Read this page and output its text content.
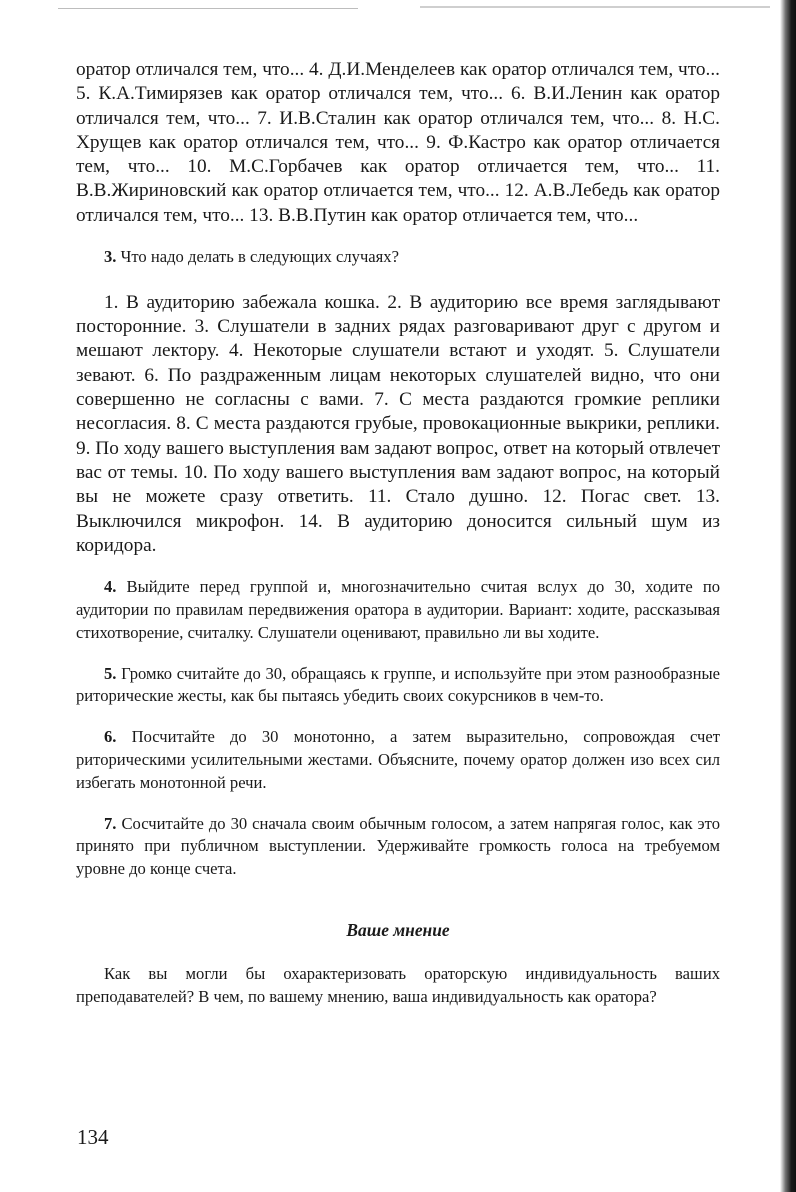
оратор отличался тем, что... 4. Д.И.Менделеев как оратор отличался тем, что... 5. К.А.Тимирязев как оратор отличался тем, что... 6. В.И.Ленин как оратор отличался тем, что... 7. И.В.Сталин как оратор отличался тем, что... 8. Н.С. Хрущев как оратор отличался тем, что... 9. Ф.Кастро как оратор отличается тем, что... 10. М.С.Горбачев как оратор отличается тем, что... 11. В.В.Жириновский как оратор отличается тем, что... 12. А.В.Лебедь как оратор отличался тем, что... 13. В.В.Путин как оратор отличается тем, что...

3. Что надо делать в следующих случаях?

1. В аудиторию забежала кошка. 2. В аудиторию все время заглядывают посторонние. 3. Слушатели в задних рядах разговаривают друг с другом и мешают лектору. 4. Некоторые слушатели встают и уходят. 5. Слушатели зевают. 6. По раздраженным лицам некоторых слушателей видно, что они совершенно не согласны с вами. 7. С места раздаются громкие реплики несогласия. 8. С места раздаются грубые, провокационные выкрики, реплики. 9. По ходу вашего выступления вам задают вопрос, ответ на который отвлечет вас от темы. 10. По ходу вашего выступления вам задают вопрос, на который вы не можете сразу ответить. 11. Стало душно. 12. Погас свет. 13. Выключился микрофон. 14. В аудиторию доносится сильный шум из коридора.

4. Выйдите перед группой и, многозначительно считая вслух до 30, ходите по аудитории по правилам передвижения оратора в аудитории. Вариант: ходите, рассказывая стихотворение, считалку. Слушатели оценивают, правильно ли вы ходите.

5. Громко считайте до 30, обращаясь к группе, и используйте при этом разнообразные риторические жесты, как бы пытаясь убедить своих сокурсников в чем-то.

6. Посчитайте до 30 монотонно, а затем выразительно, сопровождая счет риторическими усилительными жестами. Объясните, почему оратор должен изо всех сил избегать монотонной речи.

7. Сосчитайте до 30 сначала своим обычным голосом, а затем напрягая голос, как это принято при публичном выступлении. Удерживайте громкость голоса на требуемом уровне до конце счета.

Ваше мнение

Как вы могли бы охарактеризовать ораторскую индивидуальность ваших преподавателей? В чем, по вашему мнению, ваша индивидуальность как оратора?

134
